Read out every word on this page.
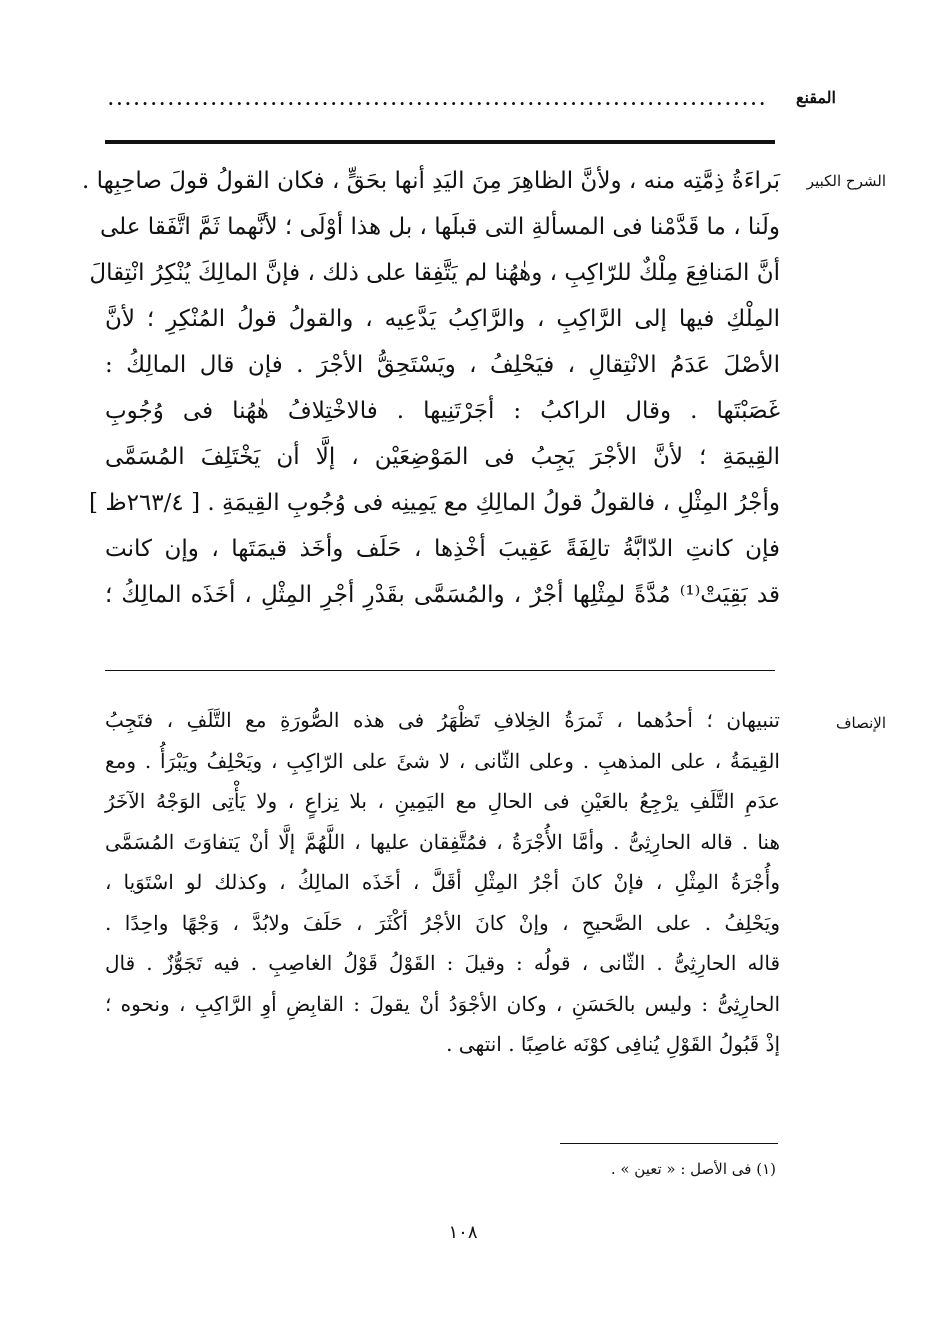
المقنع
.............................................................................
الشرح الكبير
بَراءَةُ ذِمَّتِه منه ، ولأنَّ الظاهِرَ مِنَ اليَدِ أنها بحَقٍّ ، فكان القولُ قولَ صاحِبِها .
ولَنا ، ما قَدَّمْنا فى المسألةِ التى قبلَها ، بل هذا أوْلَى ؛ لأنَّهما ثَمَّ اتَّفَقا على
أنَّ المَنافِعَ مِلْكٌ للرّاكِبِ ، وهٰهُنا لم يَتَّفِقا على ذلك ، فإنَّ المالِكَ يُنْكِرُ انْتِقالَ
المِلْكِ فيها إلى الرَّاكِبِ ، والرَّاكِبُ يَدَّعِيه ، والقولُ قولُ المُنْكِرِ ؛ لأنَّ
الأصْلَ عَدَمُ الانْتِقالِ ، فيَحْلِفُ ، ويَسْتَحِقُّ الأجْرَ . فإن قال المالِكُ :
غَصَبْتَها . وقال الراكبُ : أجَرْتَنِيها . فالاخْتِلافُ هٰهُنا فى وُجُوبِ
القِيمَةِ ؛ لأنَّ الأجْرَ يَجِبُ فى المَوْضِعَيْن ، إلَّا أن يَخْتَلِفَ المُسَمَّى
وأجْرُ المِثْلِ ، فالقولُ قولُ المالِكِ مع يَمِينِه فى وُجُوبِ القِيمَةِ . [ ٢٦٣/٤ظ ]
فإن كانتِ الدّابَّةُ تالِفَةً عَقِيبَ أخْذِها ، حَلَف وأخَذ قيمَتَها ، وإن كانت
قد بَقِيَتْ⁽¹⁾ مُدَّةً لمِثْلِها أجْرٌ ، والمُسَمَّى بقَدْرِ أجْرِ المِثْلِ ، أخَذَه المالِكُ ؛
الإنصاف
تنبيهان ؛ أحدُهما ، ثَمرَةُ الخِلافِ تَظْهَرُ فى هذه الصُّورَةِ مع التَّلَفِ ، فتَجِبُ
القِيمَةُ ، على المذهبِ . وعلى الثّانى ، لا شئَ على الرّاكِبِ ، ويَحْلِفُ ويَبْرَأُ . ومع
عدَمِ التَّلَفِ يرْجِعُ بالعَيْنِ فى الحالِ مع اليَمِينِ ، بلا نِزاعٍ ، ولا يَأْتِى الوَجْهُ الآخَرُ
هنا . قاله الحارِثِىُّ . وأمَّا الأُجْرَةُ ، فمُتَّفِقان عليها ، اللَّهُمَّ إلَّا أنْ يَتفاوَتَ المُسَمَّى
وأُجْرَةُ المِثْلِ ، فإنْ كانَ أجْرُ المِثْلِ أقَلَّ ، أخَذَه المالِكُ ، وكذلك لو اسْتَوَيا ،
ويَحْلِفُ . على الصَّحيحِ ، وإنْ كانَ الأجْرُ أكْثَرَ ، حَلَفَ ولابُدَّ ، وَجْهًا واحِدًا .
قاله الحارِثِىُّ . الثّانى ، قولُه : وقيلَ : القَوْلُ قَوْلُ الغاصِبِ . فيه تَجَوُّزٌ . قال
الحارِثِىُّ : وليس بالحَسَنِ ، وكان الأجْوَدُ أنْ يقولَ : القابِضِ أوِ الرَّاكِبِ ، ونحوه ؛
إذْ قَبُولُ القَوْلِ يُنافِى كوْنَه غاصِبًا . انتهى .
(١) فى الأصل : « تعين » .
١٠٨
